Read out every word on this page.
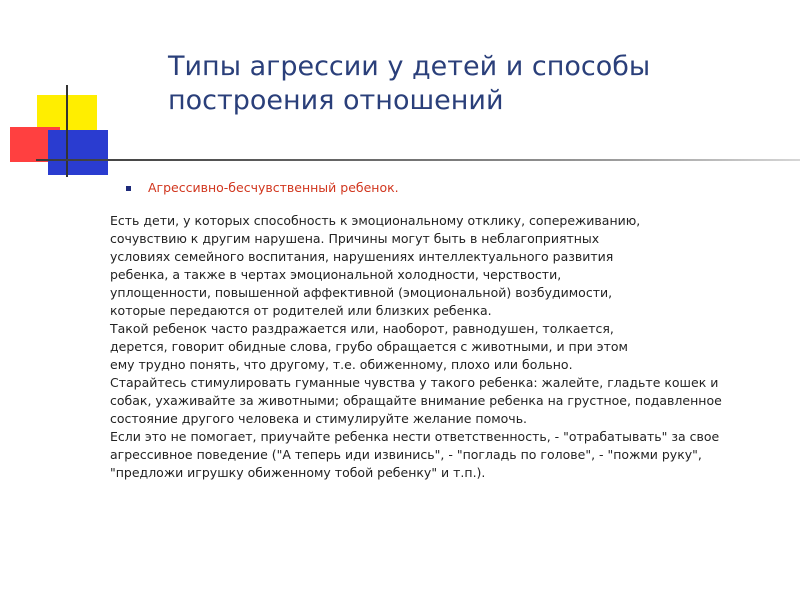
Типы агрессии у детей и способы
построения отношений
Агрессивно-бесчувственный ребенок.
Есть дети, у которых способность к эмоциональному отклику, сопереживанию,
сочувствию к другим нарушена. Причины могут быть в неблагоприятных
условиях семейного воспитания, нарушениях интеллектуального развития
ребенка, а также в чертах эмоциональной холодности, черствости,
уплощенности, повышенной аффективной (эмоциональной) возбудимости,
которые передаются от родителей или близких ребенка.
Такой ребенок часто раздражается или, наоборот, равнодушен, толкается,
дерется, говорит обидные слова, грубо обращается с животными, и при этом
ему трудно понять, что другому, т.е. обиженному, плохо или больно.
Старайтесь стимулировать гуманные чувства у такого ребенка: жалейте, гладьте кошек и
собак, ухаживайте за животными; обращайте внимание ребенка на грустное, подавленное
состояние другого человека и стимулируйте желание помочь.
Если это не помогает, приучайте ребенка нести ответственность, - "отрабатывать" за свое
агрессивное поведение ("А теперь иди извинись", - "погладь по голове", - "пожми руку",
"предложи игрушку обиженному тобой ребенку" и т.п.).
